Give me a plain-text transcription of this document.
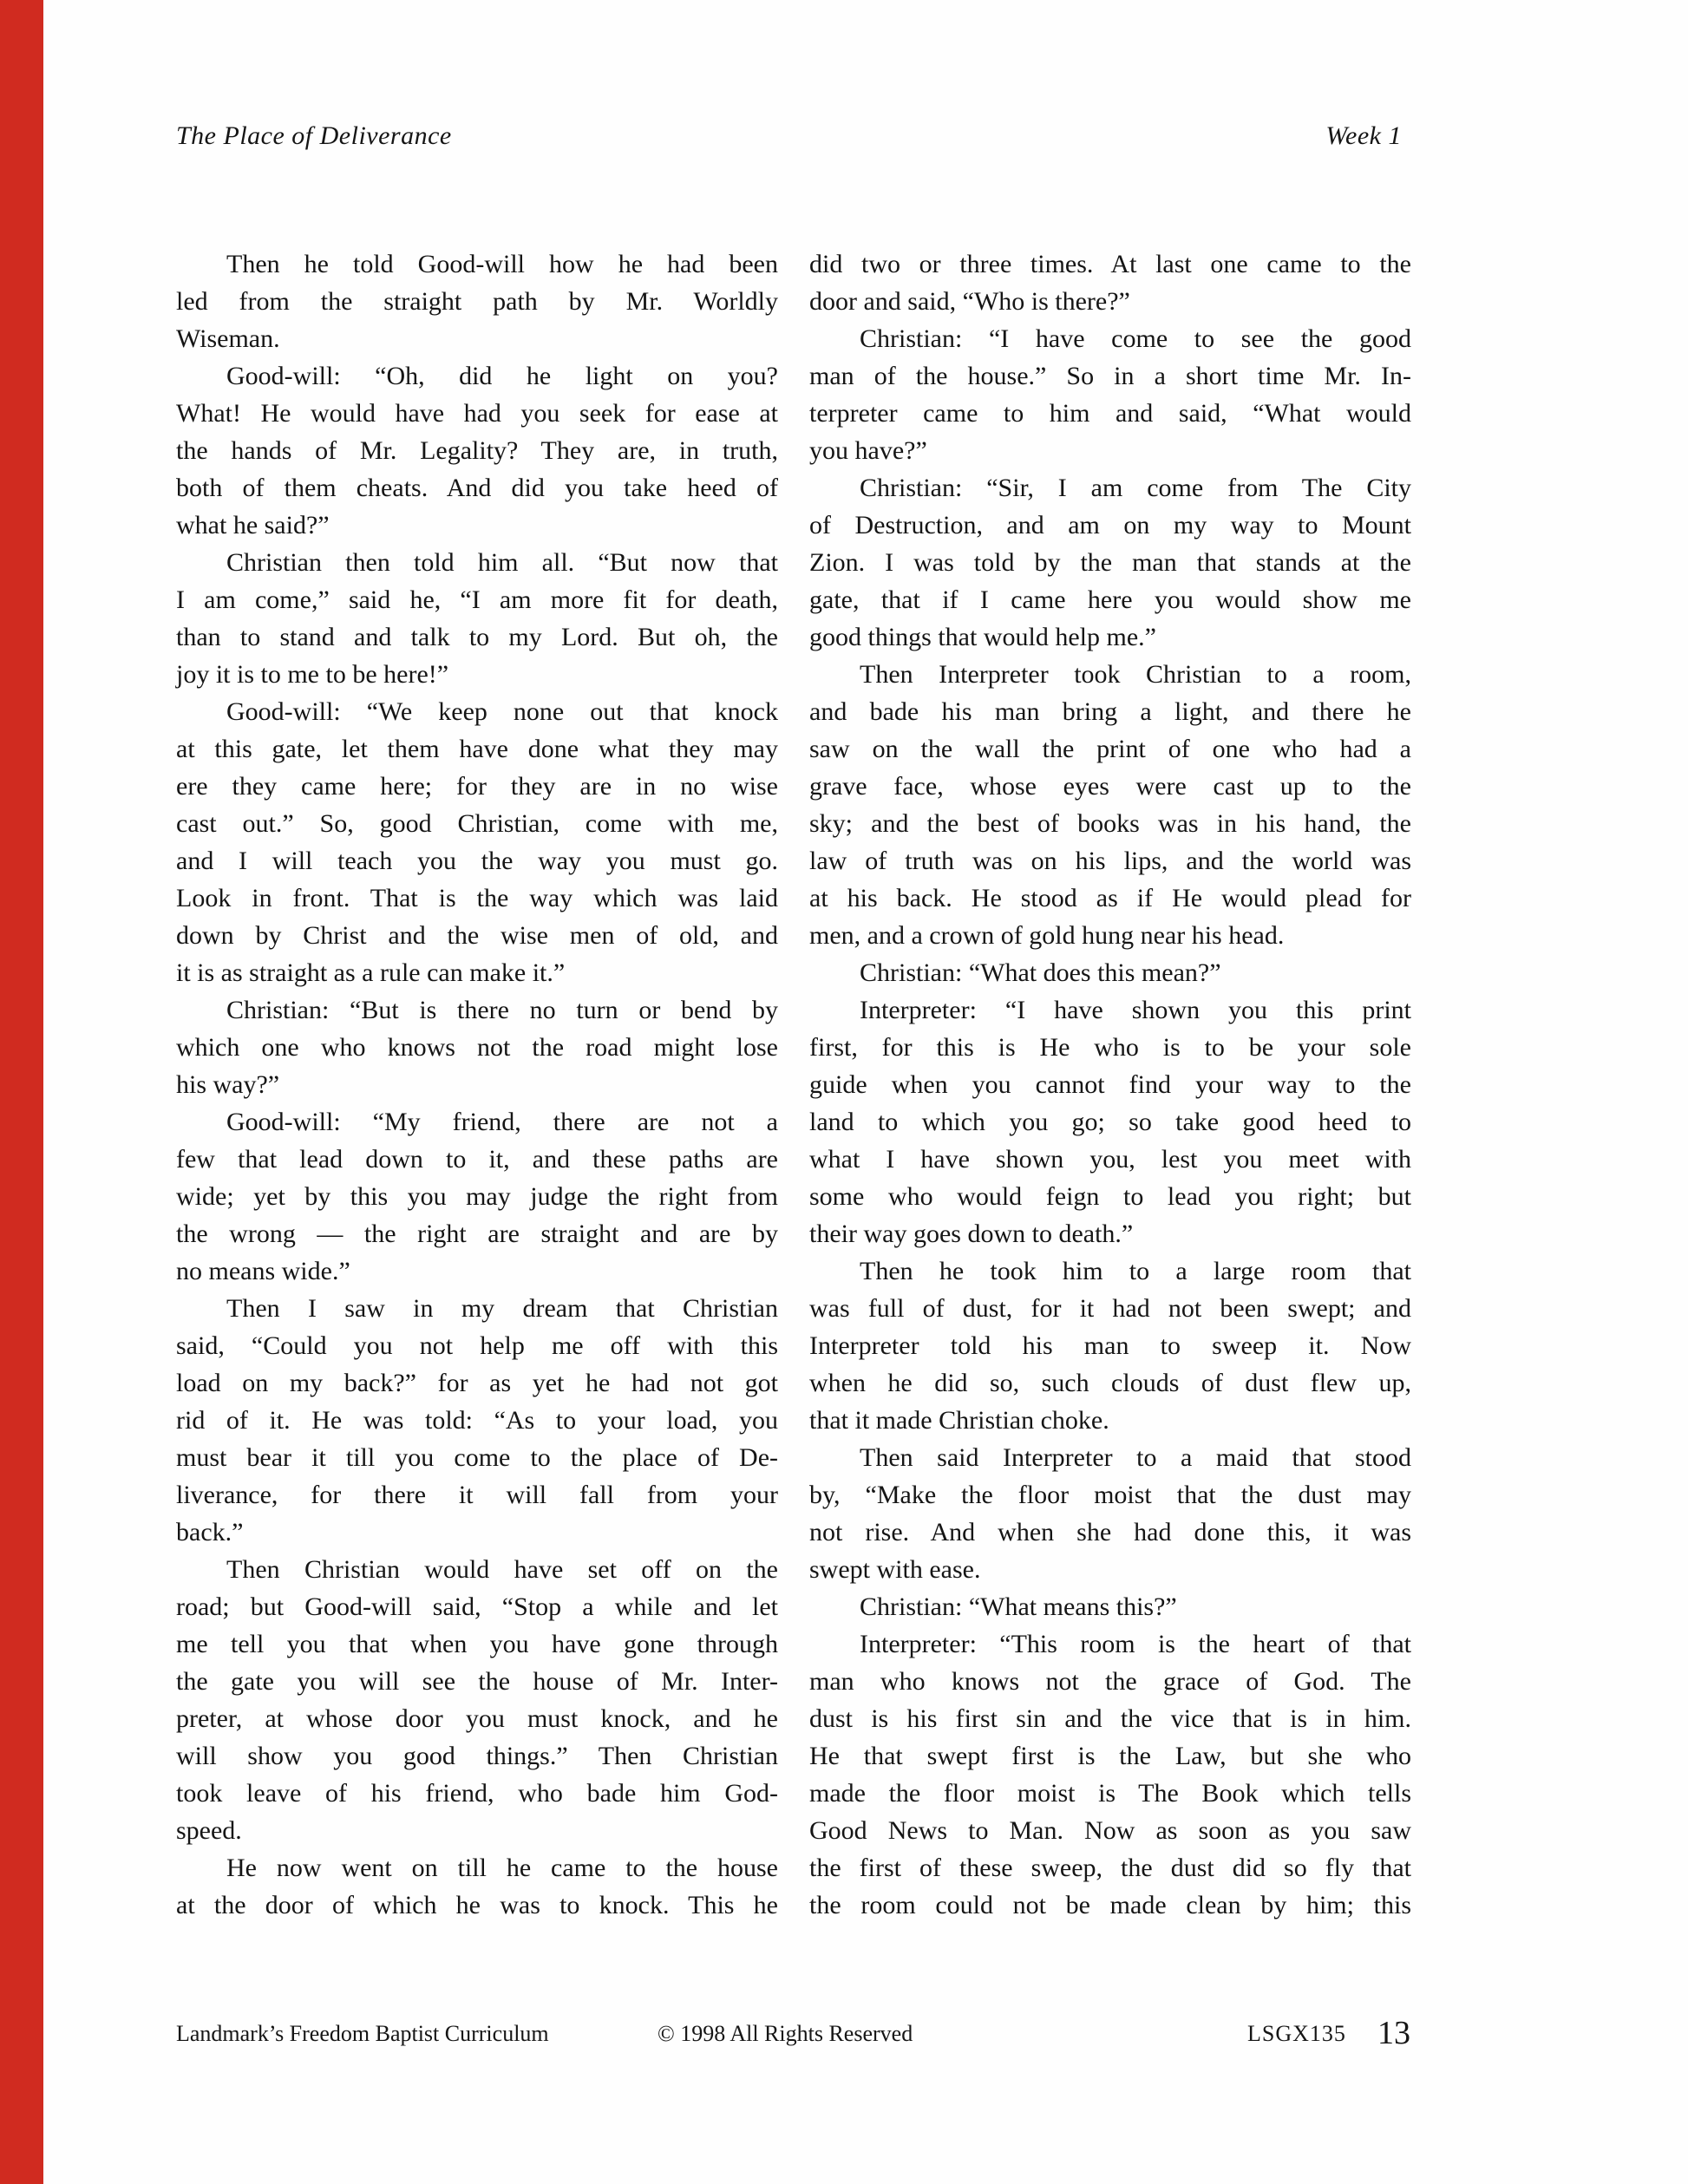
The Place of Deliverance	Week 1
Then he told Good-will how he had been
led from the straight path by Mr. Worldly
Wiseman.
Good-will: “Oh, did he light on you?
What! He would have had you seek for ease at
the hands of Mr. Legality? They are, in truth,
both of them cheats. And did you take heed of
what he said?”
Christian then told him all. “But now that
I am come,” said he, “I am more fit for death,
than to stand and talk to my Lord. But oh, the
joy it is to me to be here!”
Good-will: “We keep none out that knock
at this gate, let them have done what they may
ere they came here; for they are in no wise
cast out.” So, good Christian, come with me,
and I will teach you the way you must go.
Look in front. That is the way which was laid
down by Christ and the wise men of old, and
it is as straight as a rule can make it.”
Christian: “But is there no turn or bend by
which one who knows not the road might lose
his way?”
Good-will: “My friend, there are not a
few that lead down to it, and these paths are
wide; yet by this you may judge the right from
the wrong — the right are straight and are by
no means wide.”
Then I saw in my dream that Christian
said, “Could you not help me off with this
load on my back?” for as yet he had not got
rid of it. He was told: “As to your load, you
must bear it till you come to the place of De-
liverance, for there it will fall from your
back.”
Then Christian would have set off on the
road; but Good-will said, “Stop a while and let
me tell you that when you have gone through
the gate you will see the house of Mr. Inter-
preter, at whose door you must knock, and he
will show you good things.” Then Christian
took leave of his friend, who bade him God-
speed.
He now went on till he came to the house
at the door of which he was to knock. This he
did two or three times. At last one came to the
door and said, “Who is there?”
Christian: “I have come to see the good
man of the house.” So in a short time Mr. In-
terpreter came to him and said, “What would
you have?”
Christian: “Sir, I am come from The City
of Destruction, and am on my way to Mount
Zion. I was told by the man that stands at the
gate, that if I came here you would show me
good things that would help me.”
Then Interpreter took Christian to a room,
and bade his man bring a light, and there he
saw on the wall the print of one who had a
grave face, whose eyes were cast up to the
sky; and the best of books was in his hand, the
law of truth was on his lips, and the world was
at his back. He stood as if He would plead for
men, and a crown of gold hung near his head.
Christian: “What does this mean?”
Interpreter: “I have shown you this print
first, for this is He who is to be your sole
guide when you cannot find your way to the
land to which you go; so take good heed to
what I have shown you, lest you meet with
some who would feign to lead you right; but
their way goes down to death.”
Then he took him to a large room that
was full of dust, for it had not been swept; and
Interpreter told his man to sweep it. Now
when he did so, such clouds of dust flew up,
that it made Christian choke.
Then said Interpreter to a maid that stood
by, “Make the floor moist that the dust may
not rise. And when she had done this, it was
swept with ease.
Christian: “What means this?”
Interpreter: “This room is the heart of that
man who knows not the grace of God. The
dust is his first sin and the vice that is in him.
He that swept first is the Law, but she who
made the floor moist is The Book which tells
Good News to Man. Now as soon as you saw
the first of these sweep, the dust did so fly that
the room could not be made clean by him; this
Landmark’s Freedom Baptist Curriculum	© 1998 All Rights Reserved	LSGX135 13
